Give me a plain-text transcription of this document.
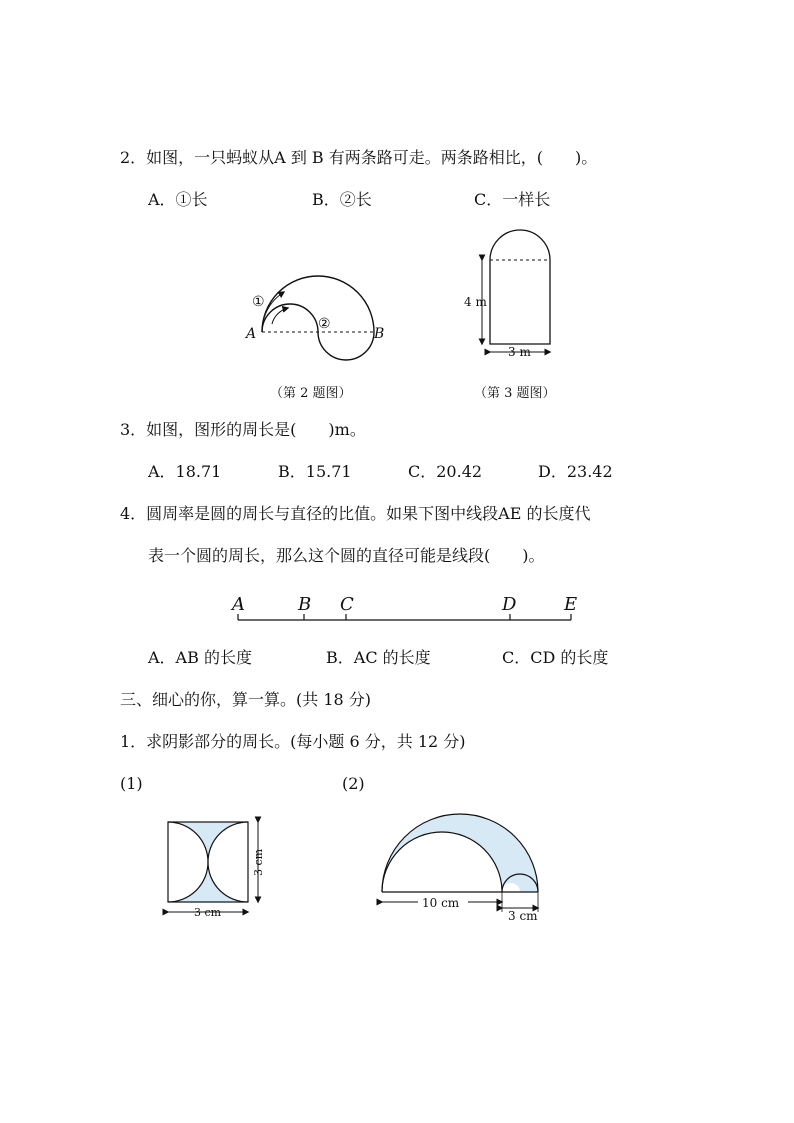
2．如图，一只蚂蚁从A 到 B 有两条路可走。两条路相比，(　　)。
A．①长	B．②长	C．一样长
①
②
A	B
（第 2 题图）
4 m
3 m
（第 3 题图）
3．如图，图形的周长是(　　)m。
A．18.71	B．15.71	C．20.42	D．23.42
4．圆周率是圆的周长与直径的比值。如果下图中线段AE 的长度代
表一个圆的周长，那么这个圆的直径可能是线段(　　)。
A	B C	D	E
A．AB 的长度	B．AC 的长度	C．CD 的长度
三、细心的你，算一算。(共 18 分)
1．求阴影部分的周长。(每小题 6 分，共 12 分)
(1)	(2)
3 cm
3 cm
10 cm
3 cm
